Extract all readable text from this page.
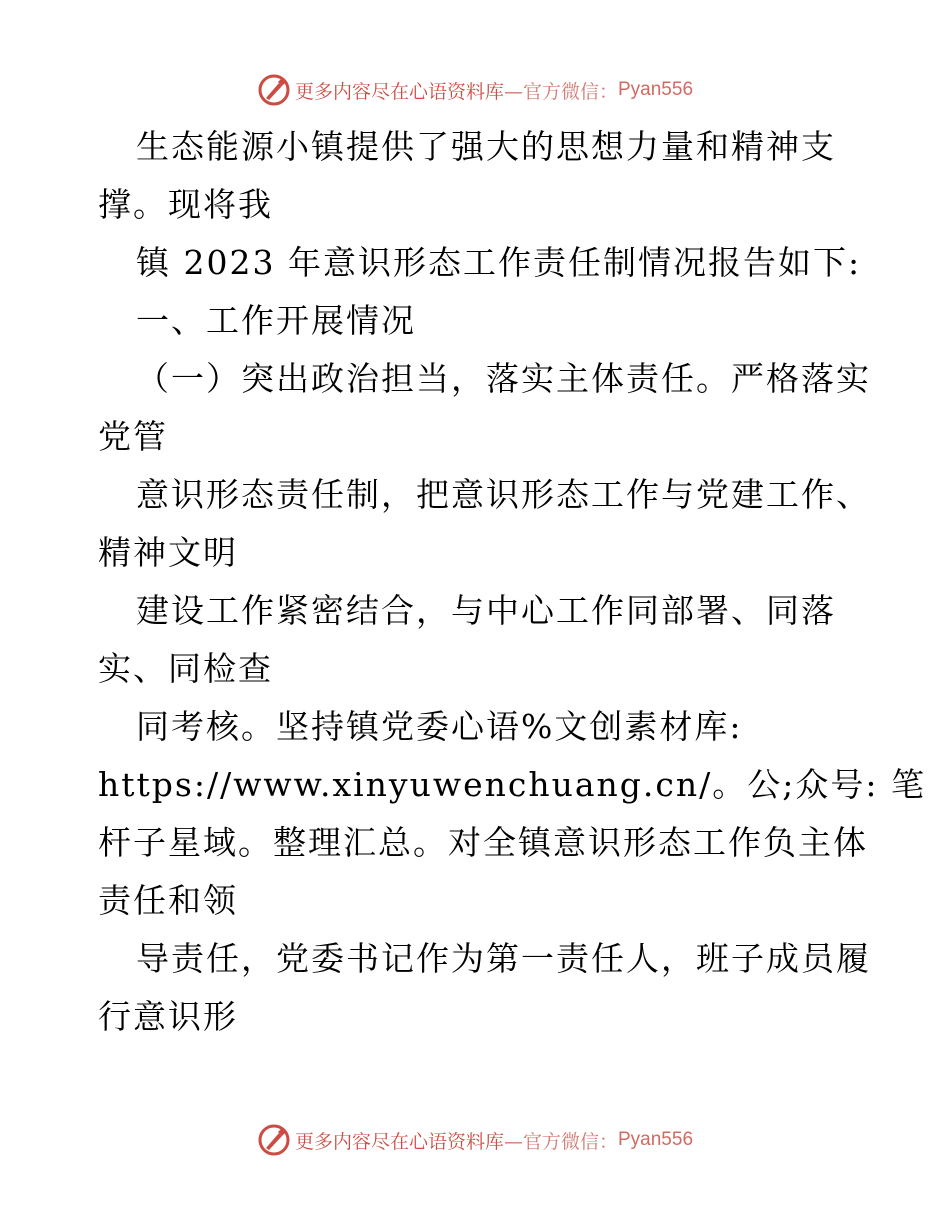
更多内容尽在心语资料库 —官方微信： Pyan556
生态能源小镇提供了强大的思想力量和精神支
撑。现将我
镇 2023 年意识形态工作责任制情况报告如下:
一、工作开展情况
（一）突出政治担当，落实主体责任。严格落实
党管
意识形态责任制，把意识形态工作与党建工作、
精神文明
建设工作紧密结合，与中心工作同部署、同落
实、同检查
同考核。坚持镇党委心语%文创素材库:
https://www.xinyuwenchuang.cn/。公;众号: 笔
杆子星域。整理汇总。对全镇意识形态工作负主体
责任和领
导责任，党委书记作为第一责任人，班子成员履
行意识形
更多内容尽在心语资料库 —官方微信： Pyan556
